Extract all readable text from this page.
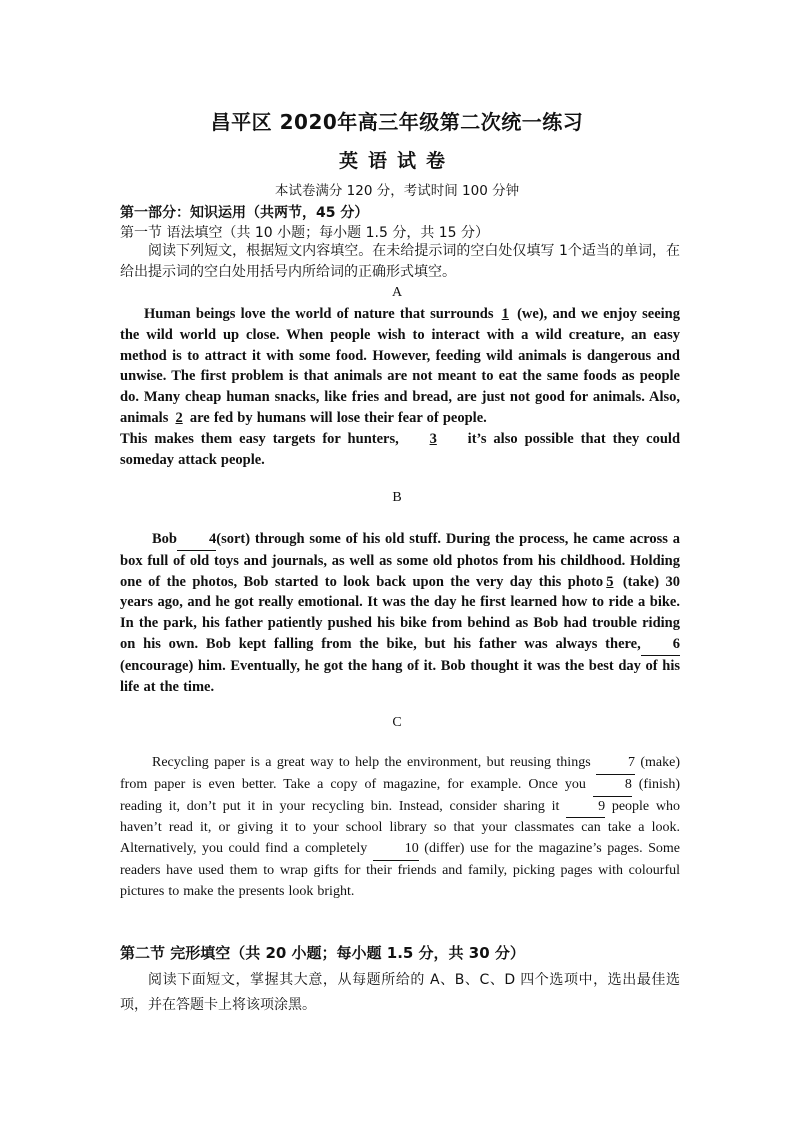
昌平区 2020年高三年级第二次统一练习
英语试卷
本试卷满分 120 分，考试时间 100 分钟
第一部分：知识运用（共两节，45 分）
第一节 语法填空（共 10 小题；每小题 1.5 分，共 15 分）
阅读下列短文，根据短文内容填空。在未给提示词的空白处仅填写 1个适当的单词，在给出提示词的空白处用括号内所给词的正确形式填空。
A

Human beings love the world of nature that surrounds 1 (we), and we enjoy seeing the wild world up close. When people wish to interact with a wild creature, an easy method is to attract it with some food. However, feeding wild animals is dangerous and unwise. The first problem is that animals are not meant to eat the same foods as people do. Many cheap human snacks, like fries and bread, are just not good for animals. Also, animals 2 are fed by humans will lose their fear of people.

This makes them easy targets for hunters,    3    it’s also possible that they could someday attack people.

B

Bob 4(sort) through some of his old stuff. During the process, he came across a box full of old toys and journals, as well as some old photos from his childhood. Holding one of the photos, Bob started to look back upon the very day this photo 5 (take) 30 years ago, and he got really emotional. It was the day he first learned how to ride a bike. In the park, his father patiently pushed his bike from behind as Bob had trouble riding on his own. Bob kept falling from the bike, but his father was always there, 6 (encourage) him. Eventually, he got the hang of it. Bob thought it was the best day of his life at the time.

C

Recycling paper is a great way to help the environment, but reusing things 7 (make) from paper is even better. Take a copy of magazine, for example. Once you 8 (finish) reading it, don’t put it in your recycling bin. Instead, consider sharing it 9 people who haven’t read it, or giving it to your school library so that your classmates can take a look. Alternatively, you could find a completely 10 (differ) use for the magazine’s pages. Some readers have used them to wrap gifts for their friends and family, picking pages with colourful pictures to make the presents look bright.

第二节 完形填空（共 20 小题；每小题 1.5 分，共 30 分）
阅读下面短文，掌握其大意，从每题所给的 A、B、C、D 四个选项中，选出最佳选项，并在答题卡上将该项涂黑。
